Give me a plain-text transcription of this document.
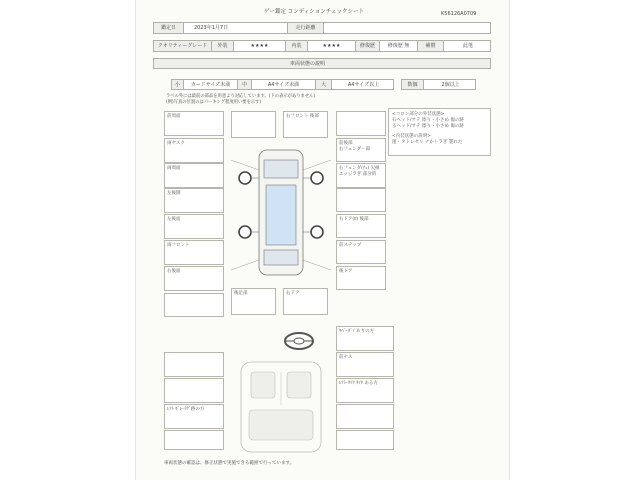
ゲー鑑定 コンディションチェックシート	K56126A0709
鑑定日	2023年1月7日	走行距離
クオリティーグレード	外装	★★★★	内装	★★★★	修復歴	修復歴 無	補償	此笔
車両状態の説明
小	カードサイズ未満	中	A4サイズ未満	大	A4サイズ以上	数個	2個以上
ラベル外には最前の部品を用意より対応しています。(ドの表示がありません)
(例)写真の位置のはパーキング程度用い要を示す)
<コロン部分の外装状態>
石ヘッド/サテ 擦り・小さめ 傷の跡
るヘッド/サテ 擦り・小さめ 傷の跡
<内装状態の説明>
運・タトレセリ ナかトラぎ 製れた
前周面
両ヤスク
両周面
左後側
左後面
両フロント
右後面
右フロント 後部
前後部
右フェンダー部
右フェンダ(ﾁｪ) 欠損
エッジラぎ 部分的
右ドア(ﾛ) 後部
前ステップ
後ドア
後足部	右ドア
ｷﾊﾞ･ﾀﾞｲ ありの方
前ナス
ﾚﾌﾄ･ﾀｲﾔ ﾀｲﾔ ある方
ﾚﾌﾄ ｷﾞﾚ･ﾗｸﾞ跡の方
車両状態の確認は、修正状態で実施できる範囲で行っています。
